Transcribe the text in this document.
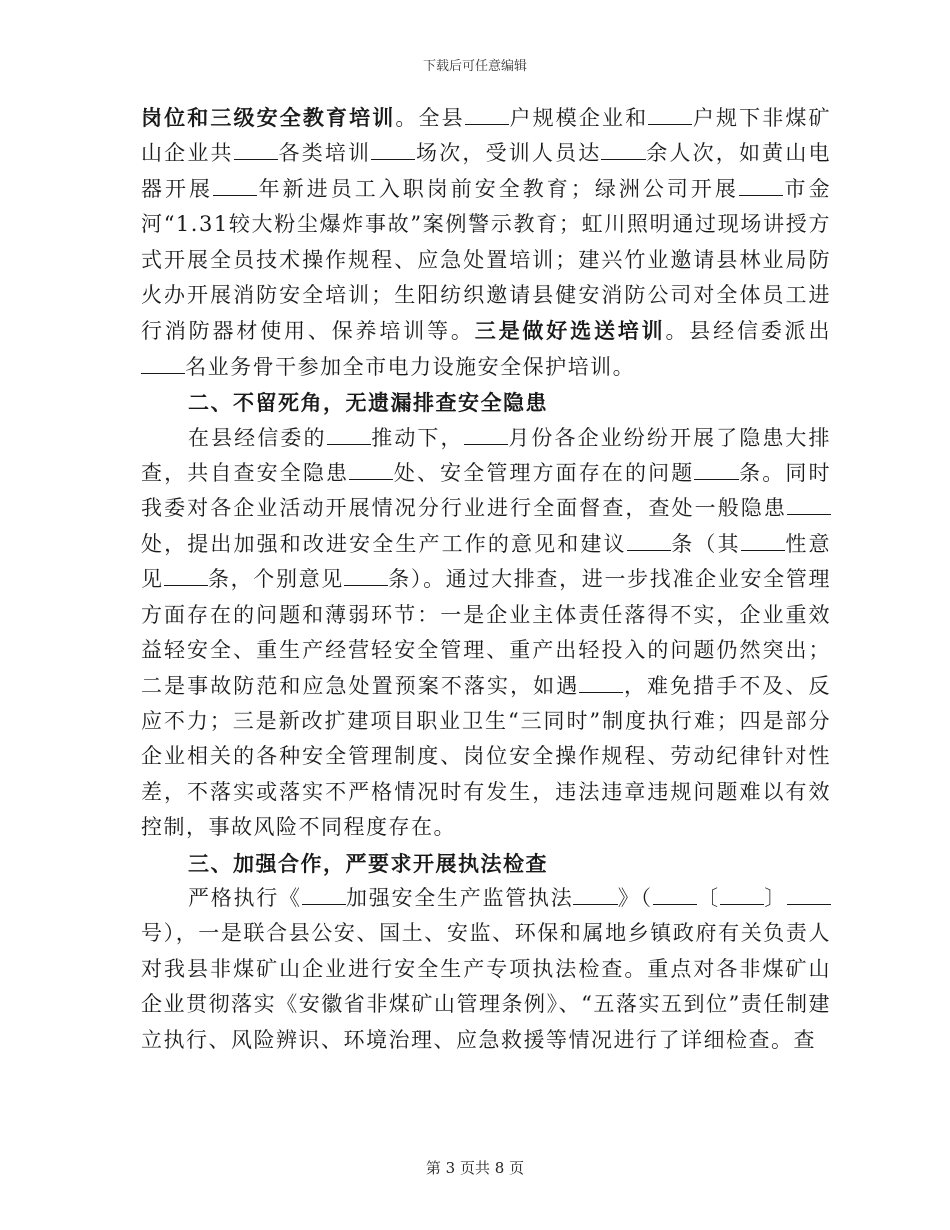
下载后可任意编辑

岗位和三级安全教育培训。全县 户规模企业和 户规下非煤矿山企业共 各类培训 场次，受训人员达 余人次，如黄山电器开展 年新进员工入职岗前安全教育；绿洲公司开展 市金河“1.31较大粉尘爆炸事故”案例警示教育；虹川照明通过现场讲授方式开展全员技术操作规程、应急处置培训；建兴竹业邀请县林业局防火办开展消防安全培训；生阳纺织邀请县健安消防公司对全体员工进行消防器材使用、保养培训等。三是做好选送培训。县经信委派出名业务骨干参加全市电力设施安全保护培训。

二、不留死角，无遗漏排查安全隐患

在县经信委的 推动下， 月份各企业纷纷开展了隐患大排查，共自查安全隐患 处、安全管理方面存在的问题 条。同时我委对各企业活动开展情况分行业进行全面督查，查处一般隐患处，提出加强和改进安全生产工作的意见和建议 条（其 性意见 条，个别意见 条）。通过大排查，进一步找准企业安全管理方面存在的问题和薄弱环节：一是企业主体责任落得不实，企业重效益轻安全、重生产经营轻安全管理、重产出轻投入的问题仍然突出；二是事故防范和应急处置预案不落实，如遇 ，难免措手不及、反应不力；三是新改扩建项目职业卫生“三同时”制度执行难；四是部分企业相关的各种安全管理制度、岗位安全操作规程、劳动纪律针对性差，不落实或落实不严格情况时有发生，违法违章违规问题难以有效控制，事故风险不同程度存在。

三、加强合作，严要求开展执法检查

严格执行《 加强安全生产监管执法 》（ 〔 〕号），一是联合县公安、国土、安监、环保和属地乡镇政府有关负责人对我县非煤矿山企业进行安全生产专项执法检查。重点对各非煤矿山企业贯彻落实《安徽省非煤矿山管理条例》、“五落实五到位”责任制建立执行、风险辨识、环境治理、应急救援等情况进行了详细检查。查

第 3 页共 8 页
